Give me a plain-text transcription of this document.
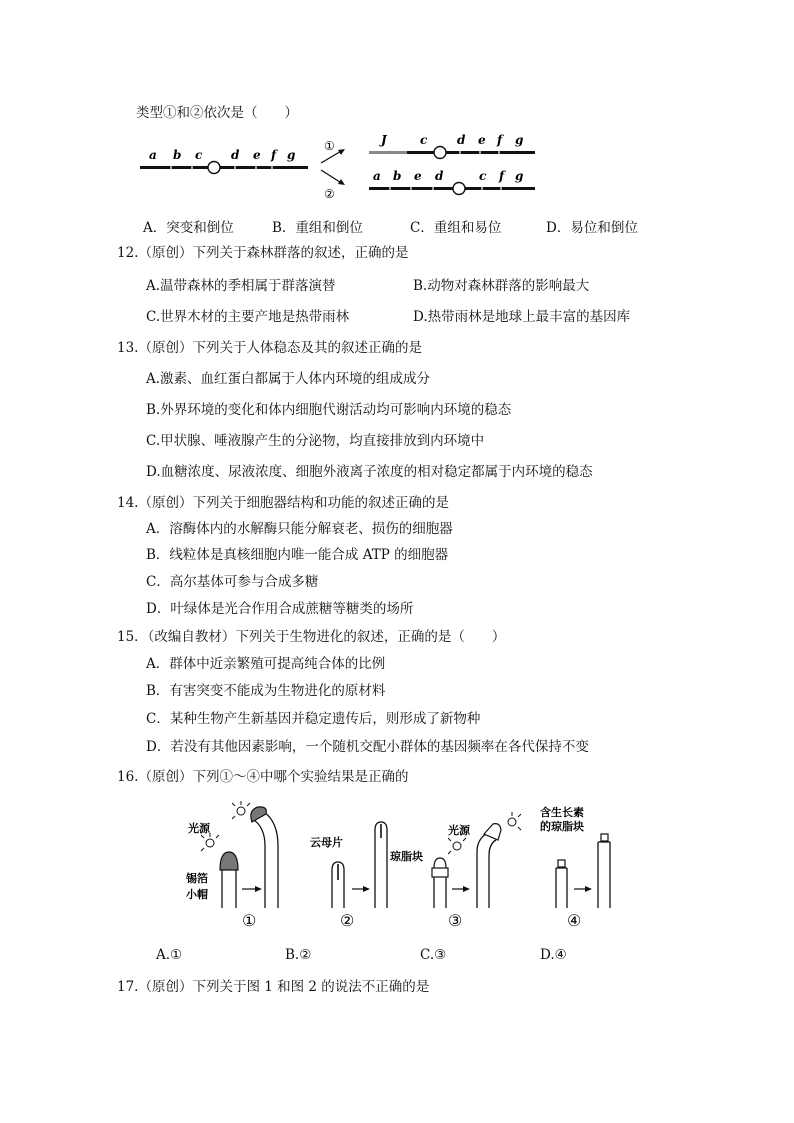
类型①和②依次是（　　）
a b c d e f g
①
②
J	c d e f g
a b e d	c f g
A．突变和倒位	B．重组和倒位	C．重组和易位	D．易位和倒位
12.（原创）下列关于森林群落的叙述，正确的是
A.温带森林的季相属于群落演替	B.动物对森林群落的影响最大
C.世界木材的主要产地是热带雨林	D.热带雨林是地球上最丰富的基因库
13.（原创）下列关于人体稳态及其的叙述正确的是
A.激素、血红蛋白都属于人体内环境的组成成分
B.外界环境的变化和体内细胞代谢活动均可影响内环境的稳态
C.甲状腺、唾液腺产生的分泌物，均直接排放到内环境中
D.血糖浓度、尿液浓度、细胞外液离子浓度的相对稳定都属于内环境的稳态
14.（原创）下列关于细胞器结构和功能的叙述正确的是
A．溶酶体内的水解酶只能分解衰老、损伤的细胞器
B．线粒体是真核细胞内唯一能合成 ATP 的细胞器
C．高尔基体可参与合成多糖
D．叶绿体是光合作用合成蔗糖等糖类的场所
15．（改编自教材）下列关于生物进化的叙述，正确的是（　　）
A．群体中近亲繁殖可提高纯合体的比例
B．有害突变不能成为生物进化的原材料
C．某种生物产生新基因并稳定遗传后，则形成了新物种
D．若没有其他因素影响，一个随机交配小群体的基因频率在各代保持不变
16.（原创）下列①～④中哪个实验结果是正确的
光源
锡箔
小帽
①
云母片
②
光源
琼脂块
③
含生长素
的琼脂块
④
A.①	B.②	C.③	D.④
17.（原创）下列关于图 1 和图 2 的说法不正确的是
